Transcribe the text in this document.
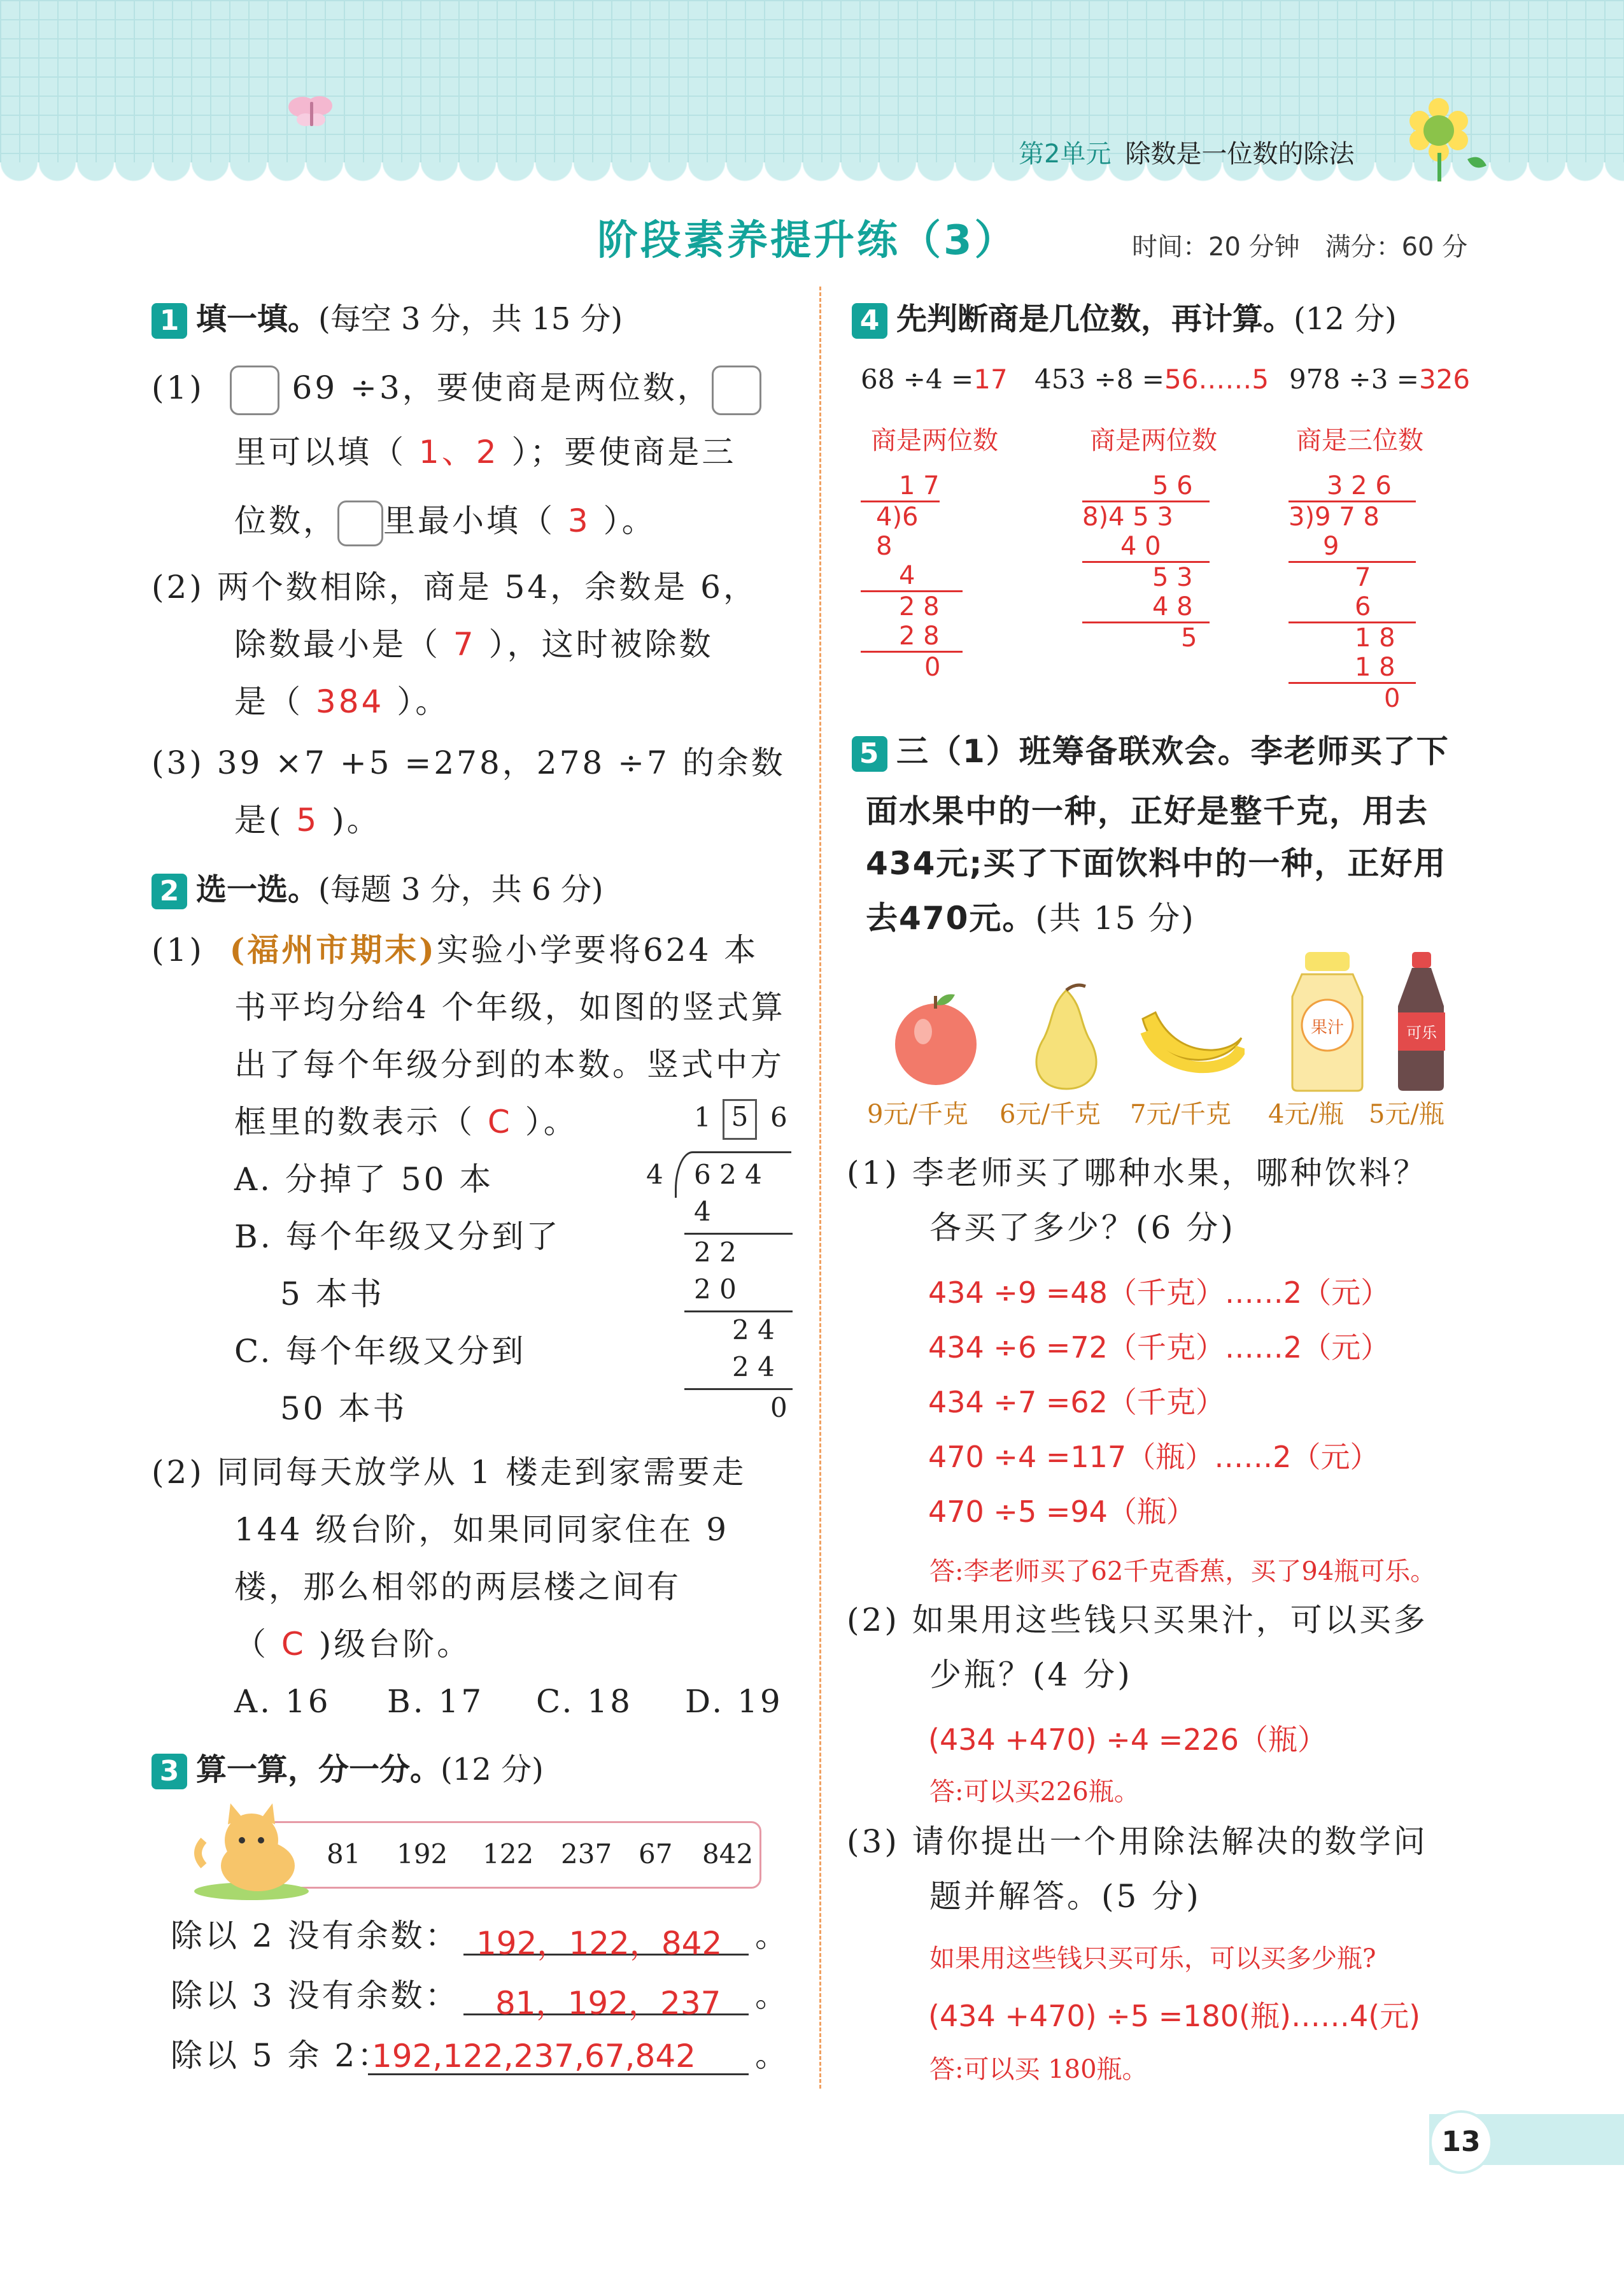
第2单元 除数是一位数的除法
阶段素养提升练（3）	时间：20 分钟　满分：60 分
1 填一填。(每空 3 分，共 15 分)
(1)	69 ÷3，要使商是两位数，
里可以填（ 1、2 ）；要使商是三
位数， 里最小填（ 3 ）。
(2) 两个数相除，商是 54，余数是 6，
除数最小是（ 7 ），这时被除数
是（ 384 ）。
(3) 39 ×7 +5 =278，278 ÷7 的余数
是( 5 )。
2 选一选。(每题 3 分，共 6 分)
(1) (福州市期末)实验小学要将624 本
书平均分给4 个年级，如图的竖式算
出了每个年级分到的本数。竖式中方
框里的数表示（ C ）。
A. 分掉了 50 本
B. 每个年级又分到了
5 本书
C. 每个年级又分到
50 本书
1 5 6
4 6 2 4
4
2 2
2 0
2 4
2 4
0
(2) 同同每天放学从 1 楼走到家需要走
144 级台阶，如果同同家住在 9
楼，那么相邻的两层楼之间有
（ C )级台阶。
A. 16 B. 17 C. 18 D. 19
3 算一算，分一分。(12 分)
81 192 122 237 67 842
除以 2 没有余数： 192，122，842 。
除以 3 没有余数： 81，192，237 。
除以 5 余 2：
192,122,237,67,842 。
4 先判断商是几位数，再计算。(12 分)
68 ÷4 =17 453 ÷8 =56……5 978 ÷3 =326
商是两位数	商是两位数	商是三位数
1 7
4)6 8
4
2 8
2 8
0
5 6
8)4 5 3
4 0
5 3
4 8
5
3 2 6
3)9 7 8
9
7
6
1 8
1 8
0
5 三（1）班筹备联欢会。李老师买了下
面水果中的一种，正好是整千克，用去
434元;买了下面饮料中的一种，正好用
去470元。(共 15 分)
果汁	可乐
9元/千克 6元/千克 7元/千克 4元/瓶 5元/瓶
(1) 李老师买了哪种水果，哪种饮料？
各买了多少？(6 分)
434 ÷9 =48（千克）……2（元）
434 ÷6 =72（千克）……2（元）
434 ÷7 =62（千克）
470 ÷4 =117（瓶）……2（元）
470 ÷5 =94（瓶）
答:李老师买了62千克香蕉，买了94瓶可乐。
(2) 如果用这些钱只买果汁，可以买多
少瓶？(4 分)
(434 +470) ÷4 =226（瓶）
答:可以买226瓶。
(3) 请你提出一个用除法解决的数学问
题并解答。(5 分)
如果用这些钱只买可乐，可以买多少瓶?
(434 +470) ÷5 =180(瓶)……4(元)
答:可以买 180瓶。
13
